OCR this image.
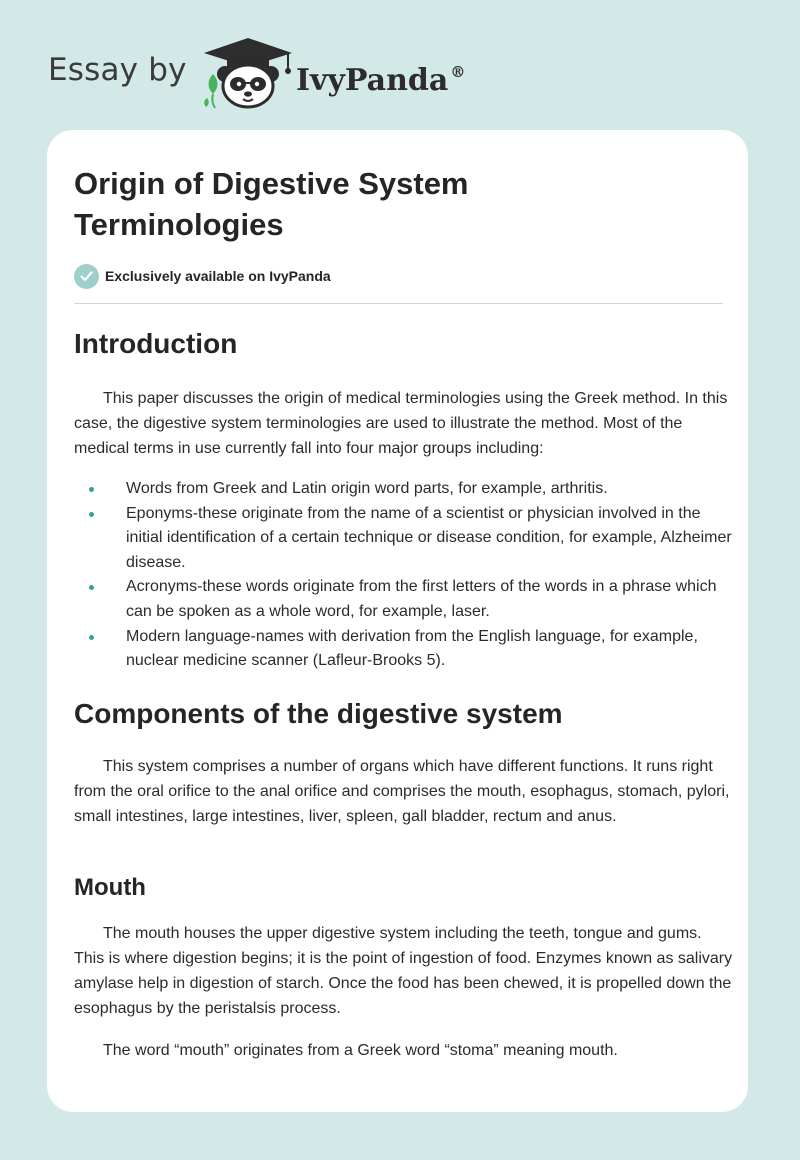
Essay by	IvyPanda ®
Origin of Digestive System Terminologies
Exclusively available on IvyPanda
Introduction

This paper discusses the origin of medical terminologies using the Greek method. In this case, the digestive system terminologies are used to illustrate the method. Most of the medical terms in use currently fall into four major groups including:

Words from Greek and Latin origin word parts, for example, arthritis.
Eponyms-these originate from the name of a scientist or physician involved in the initial identification of a certain technique or disease condition, for example, Alzheimer disease.
Acronyms-these words originate from the first letters of the words in a phrase which can be spoken as a whole word, for example, laser.
Modern language-names with derivation from the English language, for example, nuclear medicine scanner (Lafleur-Brooks 5).
Components of the digestive system

This system comprises a number of organs which have different functions. It runs right from the oral orifice to the anal orifice and comprises the mouth, esophagus, stomach, pylori, small intestines, large intestines, liver, spleen, gall bladder, rectum and anus.

Mouth

The mouth houses the upper digestive system including the teeth, tongue and gums. This is where digestion begins; it is the point of ingestion of food. Enzymes known as salivary amylase help in digestion of starch. Once the food has been chewed, it is propelled down the esophagus by the peristalsis process.

The word “mouth” originates from a Greek word “stoma” meaning mouth.
